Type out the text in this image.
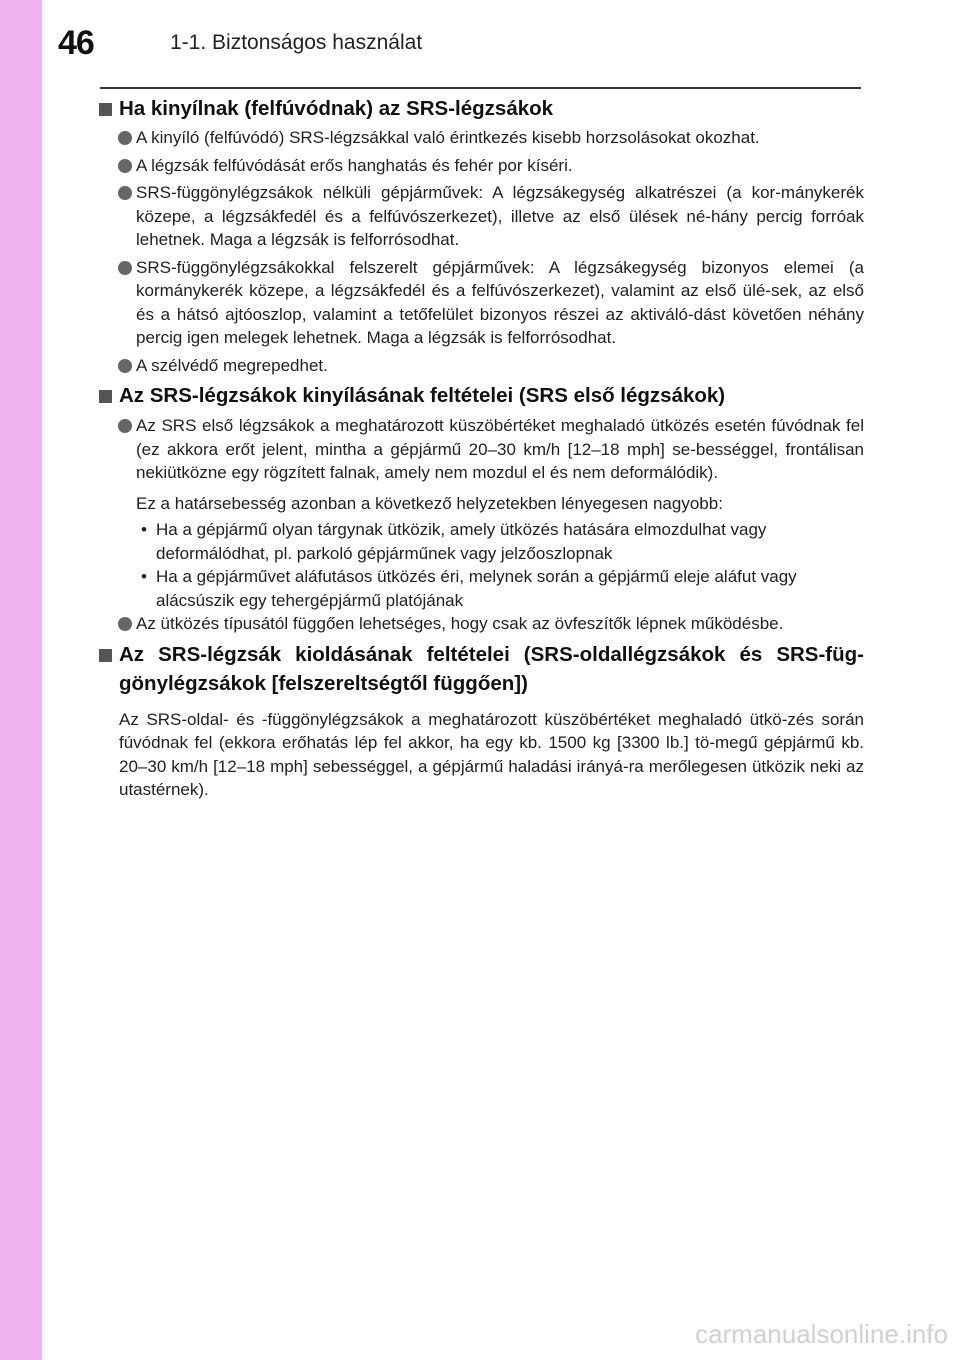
46	1-1. Biztonságos használat
Ha kinyílnak (felfúvódnak) az SRS-légzsákok

A kinyíló (felfúvódó) SRS-légzsákkal való érintkezés kisebb horzsolásokat okozhat.

A légzsák felfúvódását erős hanghatás és fehér por kíséri.

SRS-függönylégzsákok nélküli gépjárművek: A légzsákegység alkatrészei (a kor-mánykerék közepe, a légzsákfedél és a felfúvószerkezet), illetve az első ülések né-hány percig forróak lehetnek. Maga a légzsák is felforrósodhat.

SRS-függönylégzsákokkal felszerelt gépjárművek: A légzsákegység bizonyos elemei (a kormánykerék közepe, a légzsákfedél és a felfúvószerkezet), valamint az első ülé-sek, az első és a hátsó ajtóoszlop, valamint a tetőfelület bizonyos részei az aktiváló-dást követően néhány percig igen melegek lehetnek. Maga a légzsák is felforrósodhat.

A szélvédő megrepedhet.

Az SRS-légzsákok kinyílásának feltételei (SRS első légzsákok)

Az SRS első légzsákok a meghatározott küszöbértéket meghaladó ütközés esetén fúvódnak fel (ez akkora erőt jelent, mintha a gépjármű 20–30 km/h [12–18 mph] se-bességgel, frontálisan nekiütközne egy rögzített falnak, amely nem mozdul el és nem deformálódik).

Ez a határsebesség azonban a következő helyzetekben lényegesen nagyobb:

• Ha a gépjármű olyan tárgynak ütközik, amely ütközés hatására elmozdulhat vagy deformálódhat, pl. parkoló gépjárműnek vagy jelzőoszlopnak

• Ha a gépjárművet aláfutásos ütközés éri, melynek során a gépjármű eleje aláfut vagy alácsúszik egy tehergépjármű platójának

Az ütközés típusától függően lehetséges, hogy csak az övfeszítők lépnek működésbe.

Az SRS-légzsák kioldásának feltételei (SRS-oldallégzsákok és SRS-füg-gönylégzsákok [felszereltségtől függően])

Az SRS-oldal- és -függönylégzsákok a meghatározott küszöbértéket meghaladó ütkö-zés során fúvódnak fel (ekkora erőhatás lép fel akkor, ha egy kb. 1500 kg [3300 lb.] tö-megű gépjármű kb. 20–30 km/h [12–18 mph] sebességgel, a gépjármű haladási irányá-ra merőlegesen ütközik neki az utastérnek).

carmanualsonline.info
